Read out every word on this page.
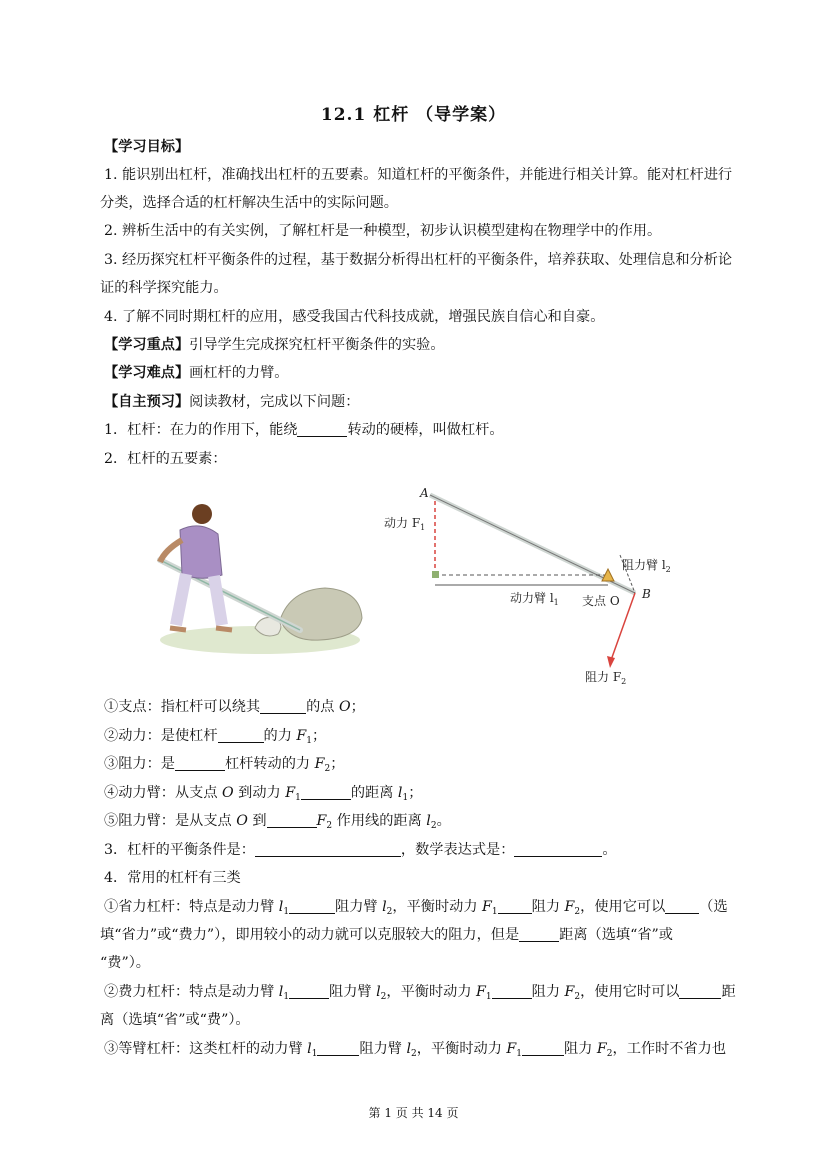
12.1 杠杆 （导学案）
【学习目标】
1. 能识别出杠杆，准确找出杠杆的五要素。知道杠杆的平衡条件，并能进行相关计算。能对杠杆进行
分类，选择合适的杠杆解决生活中的实际问题。
2. 辨析生活中的有关实例，了解杠杆是一种模型，初步认识模型建构在物理学中的作用。
3. 经历探究杠杆平衡条件的过程，基于数据分析得出杠杆的平衡条件，培养获取、处理信息和分析论
证的科学探究能力。
4. 了解不同时期杠杆的应用，感受我国古代科技成就，增强民族自信心和自豪。
【学习重点】引导学生完成探究杠杆平衡条件的实验。
【学习难点】画杠杆的力臂。
【自主预习】阅读教材，完成以下问题：
1．杠杆：在力的作用下，能绕	转动的硬棒，叫做杠杆。
2．杠杆的五要素：
A
B
动力 $F_1$
动力臂 $l_1$ 支点 O
阻力臂 $l_2$
阻力 $F_2$
①支点：指杠杆可以绕其	的点 O；
②动力：是使杠杆	的力 $F_1$；
③阻力：是	杠杆转动的力 $F_2$；
④动力臂：从支点 O 到动力 $F_1$	的距离 $l_1$；
⑤阻力臂：是从支点 O 到	$F_2$ 作用线的距离 $l_2$。
3．杠杆的平衡条件是：	，数学表达式是：	。
4．常用的杠杆有三类
①省力杠杆：特点是动力臂 $l_1$	阻力臂 $l_2$，平衡时动力 $F_1$ 阻力 $F_2$，使用它可以 （选
填“省力”或“费力”），即用较小的动力就可以克服较大的阻力，但是	距离（选填“省”或
“费”）。
②费力杠杆：特点是动力臂 $l_1$	阻力臂 $l_2$，平衡时动力 $F_1$	阻力 $F_2$，使用它时可以	距
离（选填“省”或“费”）。
③等臂杠杆：这类杠杆的动力臂 $l_1$	阻力臂 $l_2$，平衡时动力 $F_1$	阻力 $F_2$，工作时不省力也
第 1 页 共 14 页
